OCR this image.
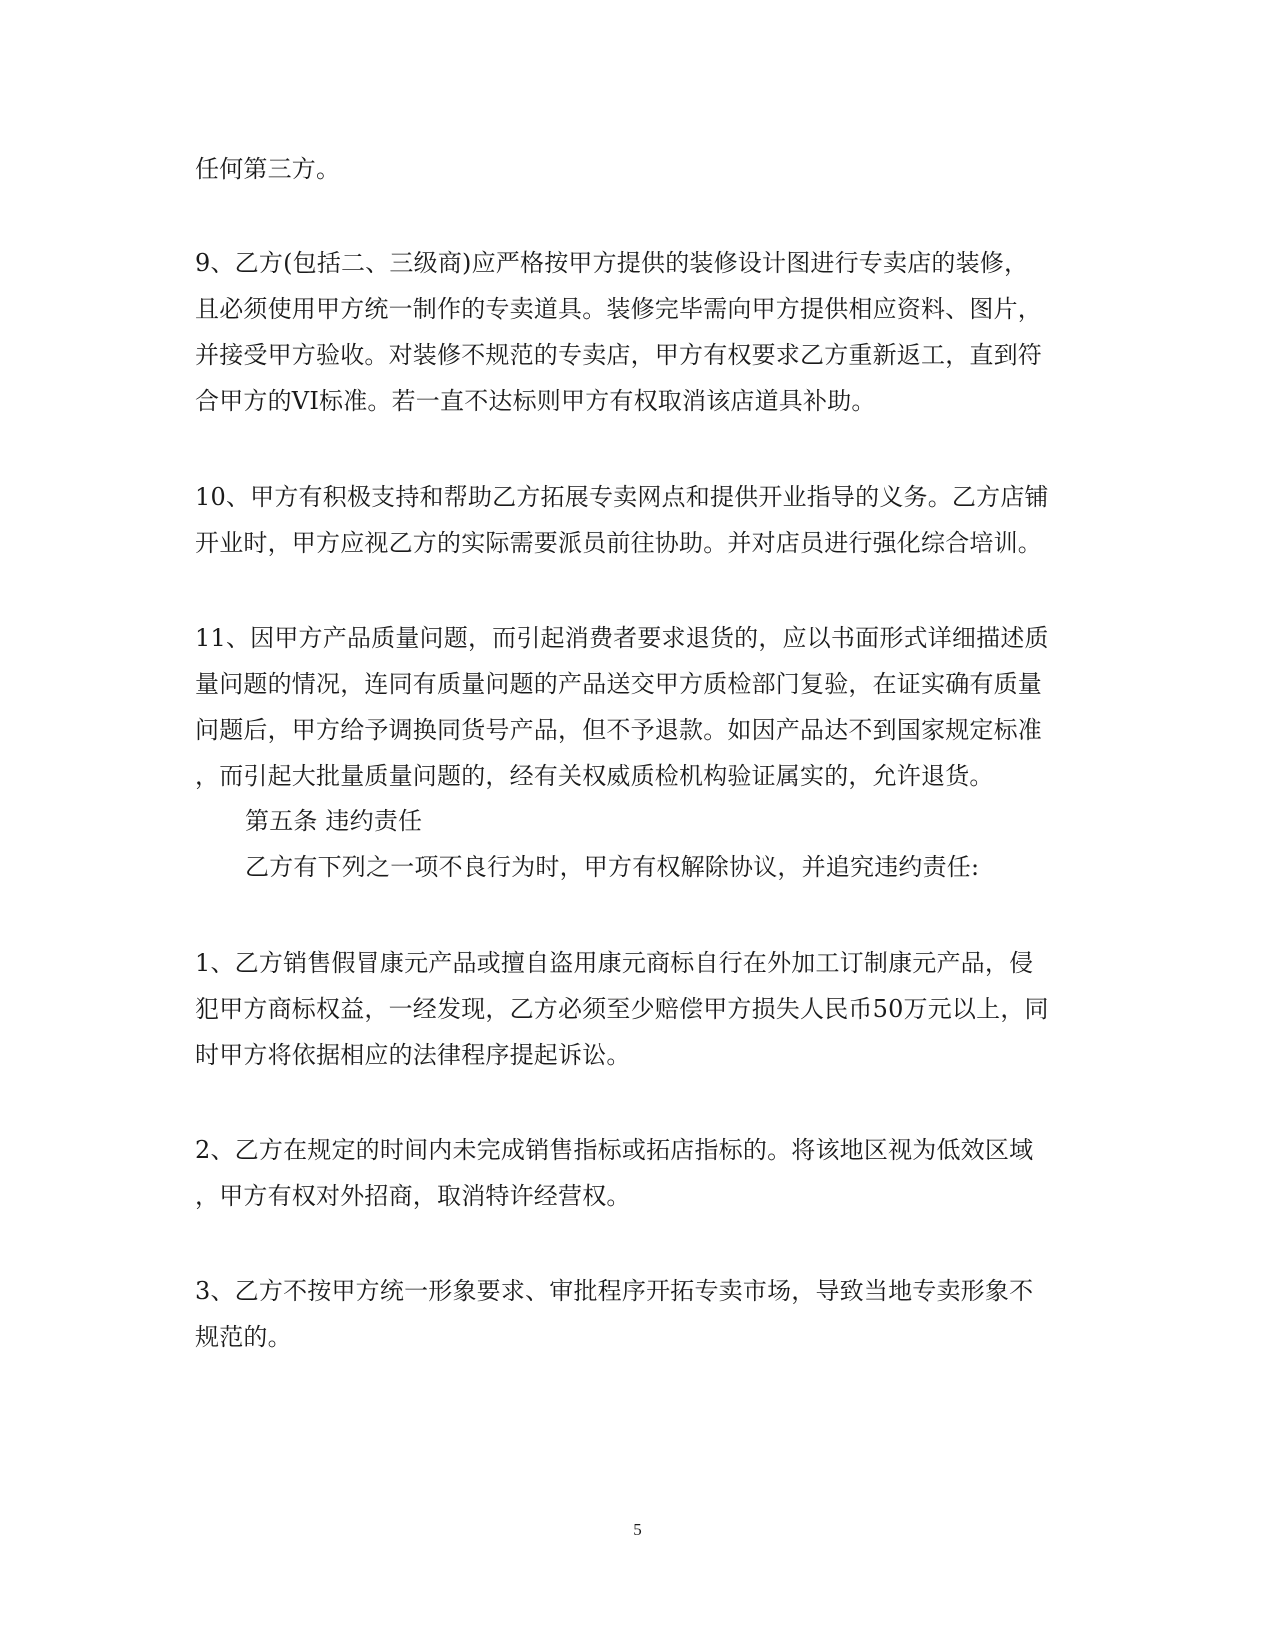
任何第三方。
9、乙方(包括二、三级商)应严格按甲方提供的装修设计图进行专卖店的装修，
且必须使用甲方统一制作的专卖道具。装修完毕需向甲方提供相应资料、图片，
并接受甲方验收。对装修不规范的专卖店，甲方有权要求乙方重新返工，直到符
合甲方的VI标准。若一直不达标则甲方有权取消该店道具补助。
10、甲方有积极支持和帮助乙方拓展专卖网点和提供开业指导的义务。乙方店铺
开业时，甲方应视乙方的实际需要派员前往协助。并对店员进行强化综合培训。
11、因甲方产品质量问题，而引起消费者要求退货的，应以书面形式详细描述质
量问题的情况，连同有质量问题的产品送交甲方质检部门复验，在证实确有质量
问题后，甲方给予调换同货号产品，但不予退款。如因产品达不到国家规定标准
，而引起大批量质量问题的，经有关权威质检机构验证属实的，允许退货。
第五条 违约责任
乙方有下列之一项不良行为时，甲方有权解除协议，并追究违约责任:
1、乙方销售假冒康元产品或擅自盗用康元商标自行在外加工订制康元产品，侵
犯甲方商标权益，一经发现，乙方必须至少赔偿甲方损失人民币50万元以上，同
时甲方将依据相应的法律程序提起诉讼。
2、乙方在规定的时间内未完成销售指标或拓店指标的。将该地区视为低效区域
，甲方有权对外招商，取消特许经营权。
3、乙方不按甲方统一形象要求、审批程序开拓专卖市场，导致当地专卖形象不
规范的。
5
